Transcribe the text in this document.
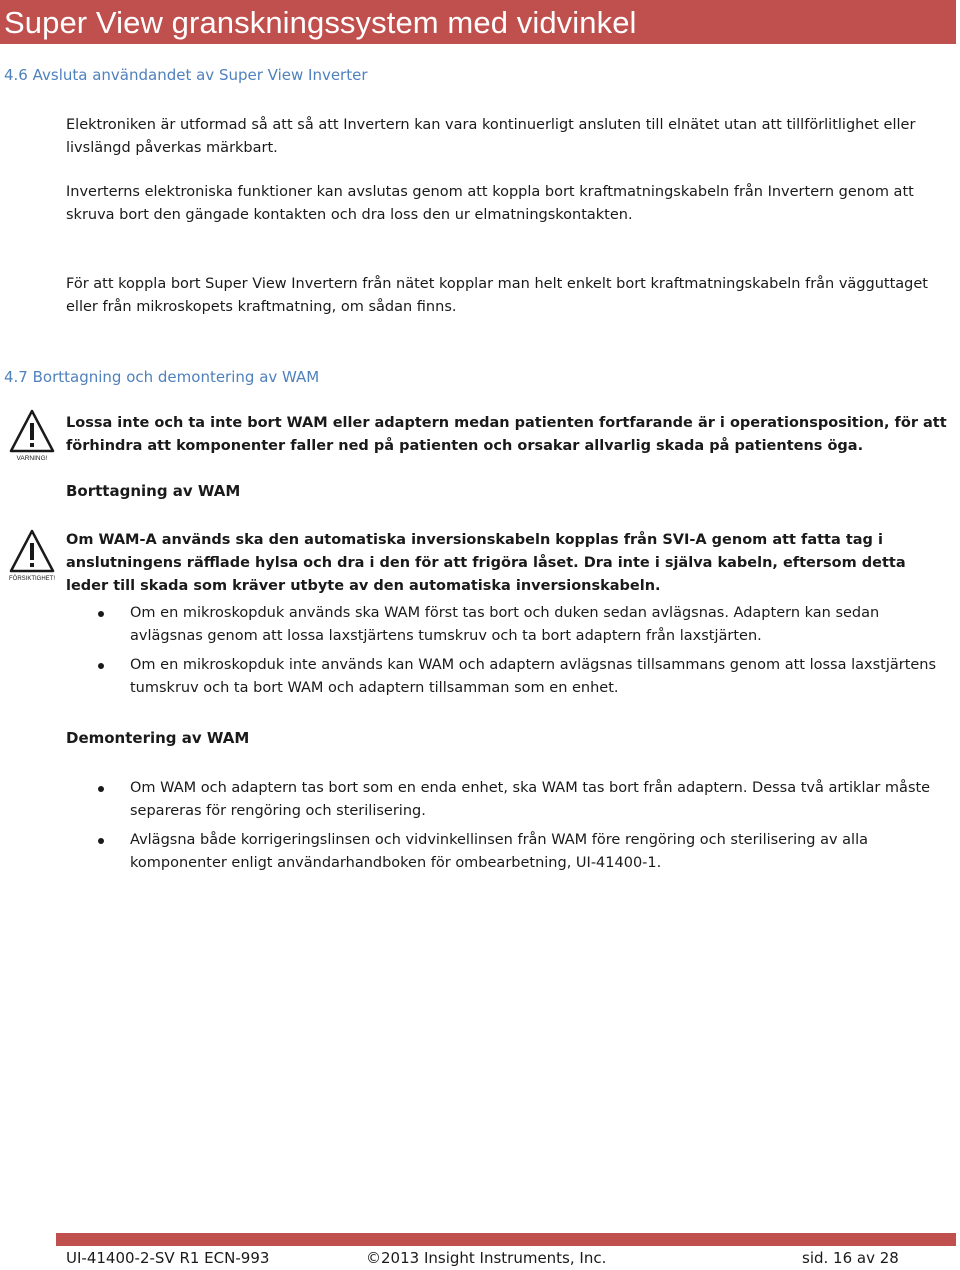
Super View granskningssystem med vidvinkel
4.6 Avsluta användandet av Super View Inverter

Elektroniken är utformad så att så att Invertern kan vara kontinuerligt ansluten till elnätet utan att tillförlitlighet eller livslängd påverkas märkbart.

Inverterns elektroniska funktioner kan avslutas genom att koppla bort kraftmatningskabeln från Invertern genom att skruva bort den gängade kontakten och dra loss den ur elmatningskontakten.

För att koppla bort Super View Invertern från nätet kopplar man helt enkelt bort kraftmatningskabeln från vägguttaget eller från mikroskopets kraftmatning, om sådan finns.

4.7 Borttagning och demontering av WAM
VARNING!

Lossa inte och ta inte bort WAM eller adaptern medan patienten fortfarande är i operationsposition, för att förhindra att komponenter faller ned på patienten och orsakar allvarlig skada på patientens öga.

Borttagning av WAM
FÖRSIKTIGHET!

Om WAM-A används ska den automatiska inversionskabeln kopplas från SVI-A genom att fatta tag i anslutningens räfflade hylsa och dra i den för att frigöra låset. Dra inte i själva kabeln, eftersom detta leder till skada som kräver utbyte av den automatiska inversionskabeln.

Om en mikroskopduk används ska WAM först tas bort och duken sedan avlägsnas. Adaptern kan sedan avlägsnas genom att lossa laxstjärtens tumskruv och ta bort adaptern från laxstjärten.
Om en mikroskopduk inte används kan WAM och adaptern avlägsnas tillsammans genom att lossa laxstjärtens tumskruv och ta bort WAM och adaptern tillsamman som en enhet.
Demontering av WAM
Om WAM och adaptern tas bort som en enda enhet, ska WAM tas bort från adaptern. Dessa två artiklar måste separeras för rengöring och sterilisering.
Avlägsna både korrigeringslinsen och vidvinkellinsen från WAM före rengöring och sterilisering av alla komponenter enligt användarhandboken för ombearbetning, UI-41400-1.
UI-41400-2-SV R1 ECN-993	©2013 Insight Instruments, Inc.	sid. 16 av 28
